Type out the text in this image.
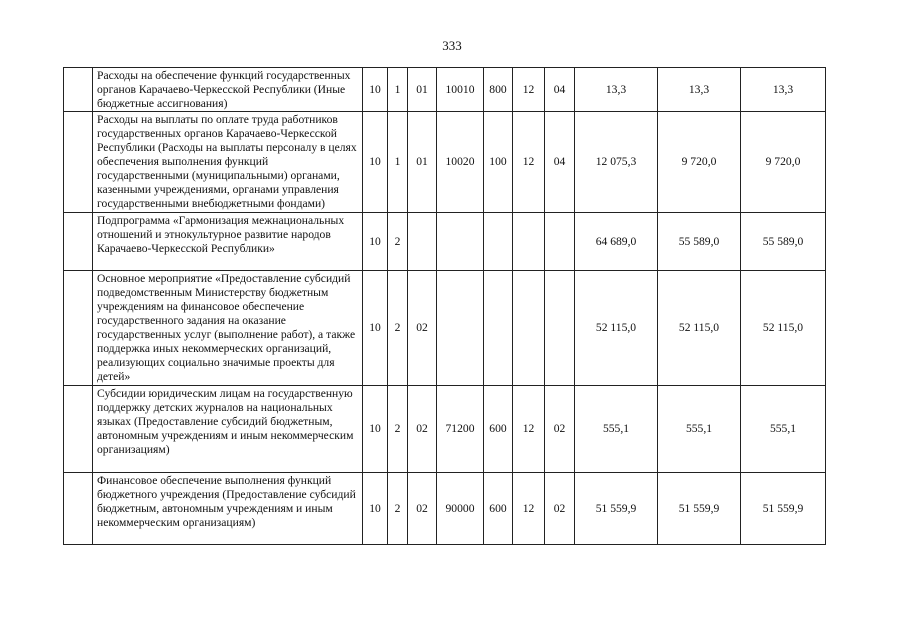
333
	Расходы на обеспечение функций государственных органов Карачаево-Черкесской Республики (Иные бюджетные ассигнования)	10	1	01	10010	800	12	04	13,3	13,3	13,3
	Расходы на выплаты по оплате труда работников государственных органов Карачаево-Черкесской Республики (Расходы на выплаты персоналу в целях обеспечения выполнения функций государственными (муниципальными) органами, казенными учреждениями, органами управления государственными внебюджетными фондами)	10	1	01	10020	100	12	04	12 075,3	9 720,0	9 720,0
	Подпрограмма «Гармонизация межнациональных отношений и этнокультурное развитие народов Карачаево-Черкесской Республики»	10	2						64 689,0	55 589,0	55 589,0
	Основное мероприятие «Предоставление субсидий подведомственным Министерству бюджетным учреждениям на финансовое обеспечение государственного задания на оказание государственных услуг (выполнение работ), а также поддержка иных некоммерческих организаций, реализующих социально значимые проекты для детей»	10	2	02					52 115,0	52 115,0	52 115,0
	Субсидии юридическим лицам на государственную поддержку детских журналов на национальных языках (Предоставление субсидий бюджетным, автономным учреждениям и иным некоммерческим организациям)	10	2	02	71200	600	12	02	555,1	555,1	555,1
	Финансовое обеспечение выполнения функций бюджетного учреждения (Предоставление субсидий бюджетным, автономным учреждениям и иным некоммерческим организациям)	10	2	02	90000	600	12	02	51 559,9	51 559,9	51 559,9
